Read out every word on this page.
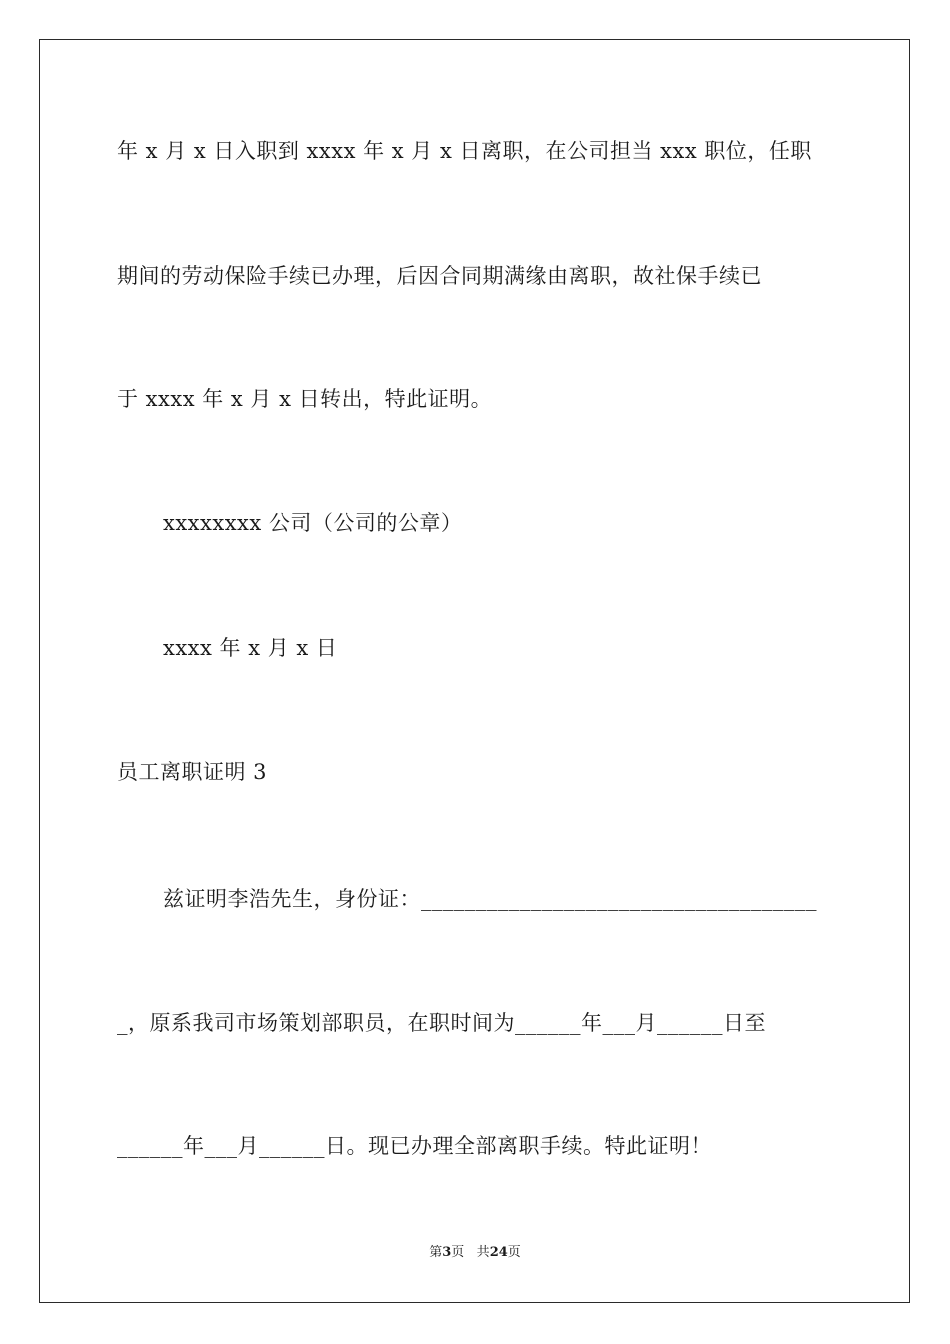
年 x 月 x 日入职到 xxxx 年 x 月 x 日离职，在公司担当 xxx 职位，任职
期间的劳动保险手续已办理，后因合同期满缘由离职，故社保手续已
于 xxxx 年 x 月 x 日转出，特此证明。
xxxxxxxx 公司（公司的公章）
xxxx 年 x 月 x 日
员工离职证明 3
兹证明李浩先生，身份证：____________________________________
_，原系我司市场策划部职员，在职时间为______年___月______日至
______年___月______日。现已办理全部离职手续。特此证明！
第3页 共24页
